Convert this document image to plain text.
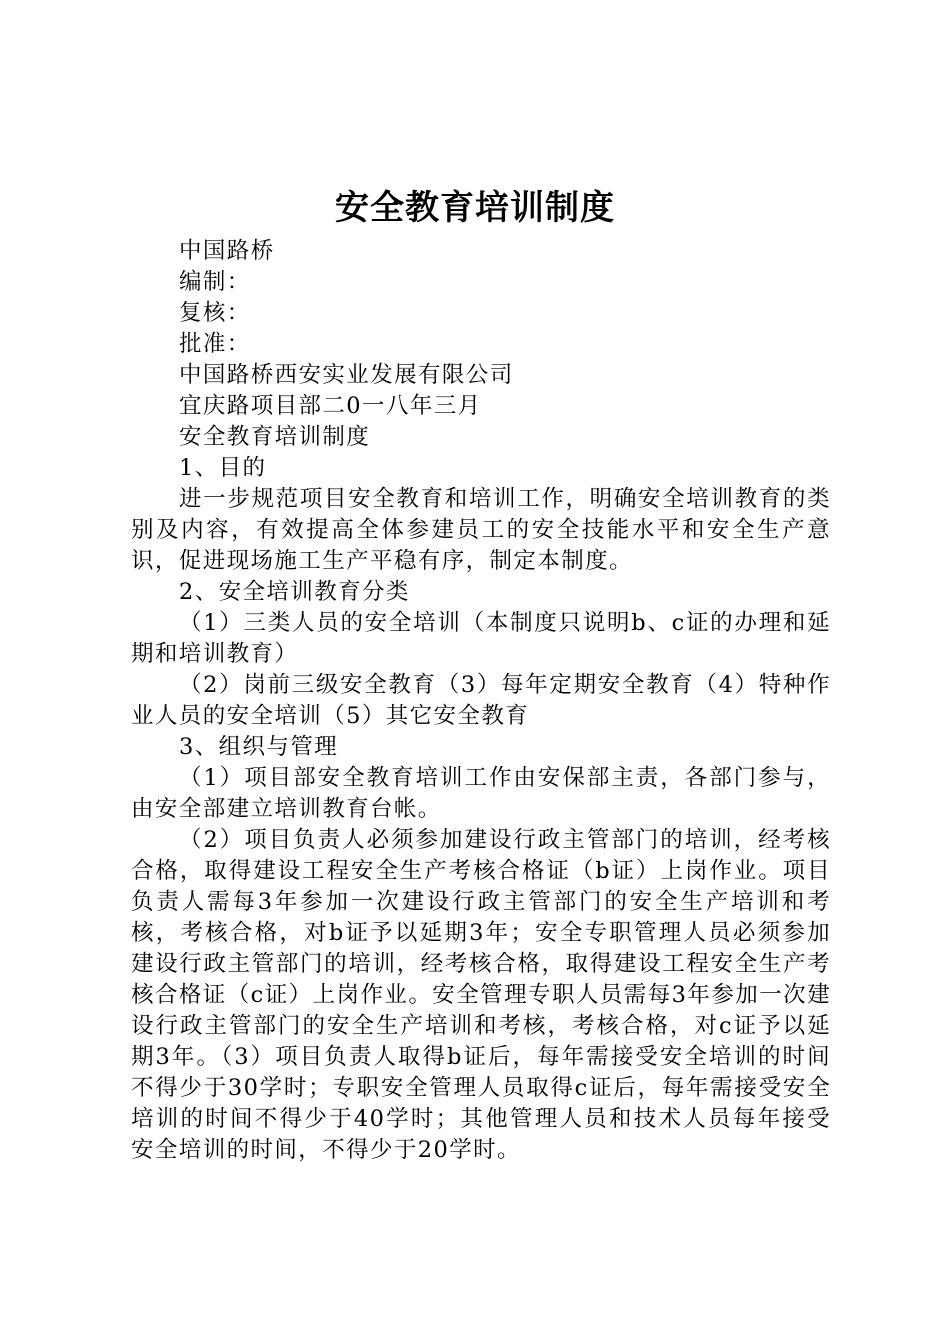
安全教育培训制度
中国路桥
编制：
复核：
批准：
中国路桥西安实业发展有限公司
宜庆路项目部二0一八年三月
安全教育培训制度
1、目的
进一步规范项目安全教育和培训工作，明确安全培训教育的类别及内容，有效提高全体参建员工的安全技能水平和安全生产意识，促进现场施工生产平稳有序，制定本制度。
2、安全培训教育分类
（1）三类人员的安全培训（本制度只说明b、c证的办理和延期和培训教育）
（2）岗前三级安全教育（3）每年定期安全教育（4）特种作业人员的安全培训（5）其它安全教育
3、组织与管理
（1）项目部安全教育培训工作由安保部主责，各部门参与，由安全部建立培训教育台帐。
（2）项目负责人必须参加建设行政主管部门的培训，经考核合格，取得建设工程安全生产考核合格证（b证）上岗作业。项目负责人需每3年参加一次建设行政主管部门的安全生产培训和考核，考核合格，对b证予以延期3年；安全专职管理人员必须参加建设行政主管部门的培训，经考核合格，取得建设工程安全生产考核合格证（c证）上岗作业。安全管理专职人员需每3年参加一次建设行政主管部门的安全生产培训和考核，考核合格，对c证予以延期3年。（3）项目负责人取得b证后，每年需接受安全培训的时间不得少于30学时；专职安全管理人员取得c证后，每年需接受安全培训的时间不得少于40学时；其他管理人员和技术人员每年接受安全培训的时间，不得少于20学时。
